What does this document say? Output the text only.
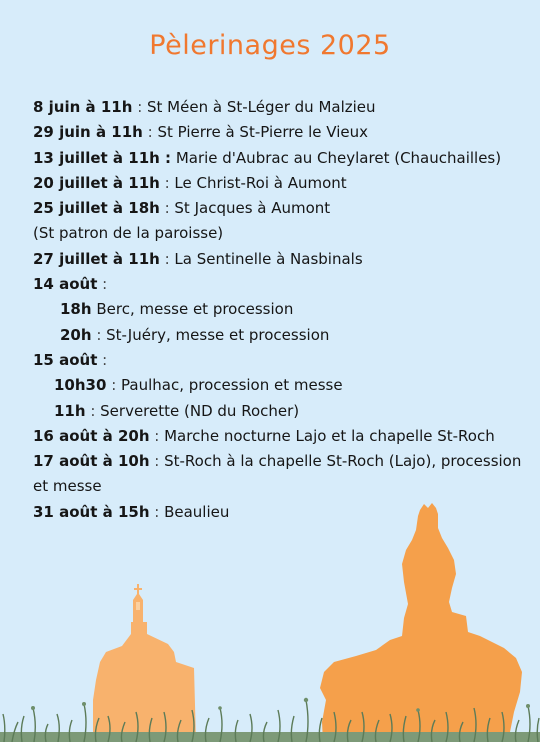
Pèlerinages 2025
8 juin à 11h : St Méen à St-Léger du Malzieu
29 juin à 11h : St Pierre à St-Pierre le Vieux
13 juillet à 11h : Marie d'Aubrac au Cheylaret (Chauchailles)
20 juillet à 11h : Le Christ-Roi à Aumont
25 juillet à 18h : St Jacques à Aumont
(St patron de la paroisse)
27 juillet à 11h : La Sentinelle à Nasbinals
14 août :
18h Berc, messe et procession
20h : St-Juéry, messe et procession
15 août :
10h30 : Paulhac, procession et messe
11h : Serverette (ND du Rocher)
16 août à 20h : Marche nocturne Lajo et la chapelle St-Roch
17 août à 10h : St-Roch à la chapelle St-Roch (Lajo), procession et messe
31 août à 15h : Beaulieu
